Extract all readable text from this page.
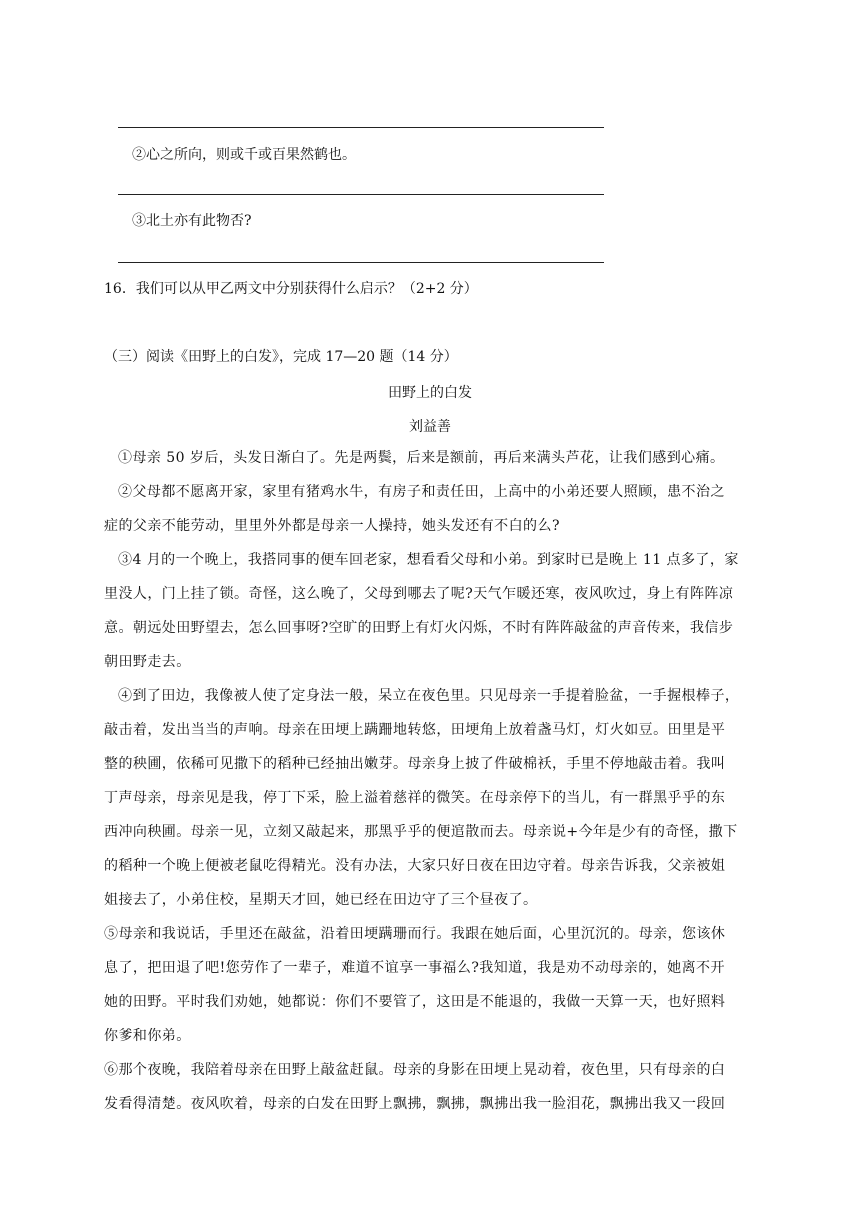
②心之所向，则或千或百果然鹤也。
③北土亦有此物否?
16．我们可以从甲乙两文中分别获得什么启示？（2+2 分）
（三）阅读《田野上的白发》，完成 17—20 题（14 分）
田野上的白发
刘益善
①母亲 50 岁后，头发日渐白了。先是两鬓，后来是额前，再后来满头芦花，让我们感到心痛。
②父母都不愿离开家，家里有猪鸡水牛，有房子和责任田，上高中的小弟还要人照顾，患不治之
症的父亲不能劳动，里里外外都是母亲一人操持，她头发还有不白的么?
③4 月的一个晚上，我搭同事的便车回老家，想看看父母和小弟。到家时已是晚上 11 点多了，家
里没人，门上挂了锁。奇怪，这么晚了，父母到哪去了呢?天气乍暖还寒，夜风吹过，身上有阵阵凉
意。朝远处田野望去，怎么回事呀?空旷的田野上有灯火闪烁，不时有阵阵敲盆的声音传来，我信步
朝田野走去。
④到了田边，我像被人使了定身法一般，呆立在夜色里。只见母亲一手提着脸盆，一手握根棒子，
敲击着，发出当当的声响。母亲在田埂上蹒跚地转悠，田埂角上放着盏马灯，灯火如豆。田里是平
整的秧圃，依稀可见撒下的稻种已经抽出嫩芽。母亲身上披了件破棉袄，手里不停地敲击着。我叫
丁声母亲，母亲见是我，停丁下采，脸上溢着慈祥的微笑。在母亲停下的当儿，有一群黑乎乎的东
西冲向秧圃。母亲一见，立刻又敲起来，那黑乎乎的便逭散而去。母亲说+今年是少有的奇怪，撒下
的稻种一个晚上便被老鼠吃得精光。没有办法，大家只好日夜在田边守着。母亲告诉我，父亲被姐
姐接去了，小弟住校，星期天才回，她已经在田边守了三个昼夜了。
⑤母亲和我说话，手里还在敲盆，沿着田埂蹒珊而行。我跟在她后面，心里沉沉的。母亲，您该休
息了，把田退了吧!您劳作了一辈子，难道不谊享一事福么?我知道，我是劝不动母亲的，她离不开
她的田野。平时我们劝她，她都说：你们不要管了，这田是不能退的，我做一天算一天，也好照料
你爹和你弟。
⑥那个夜晚，我陪着母亲在田野上敲盆赶鼠。母亲的身影在田埂上晃动着，夜色里，只有母亲的白
发看得清楚。夜风吹着，母亲的白发在田野上飘拂，飘拂，飘拂出我一脸泪花，飘拂出我又一段回
